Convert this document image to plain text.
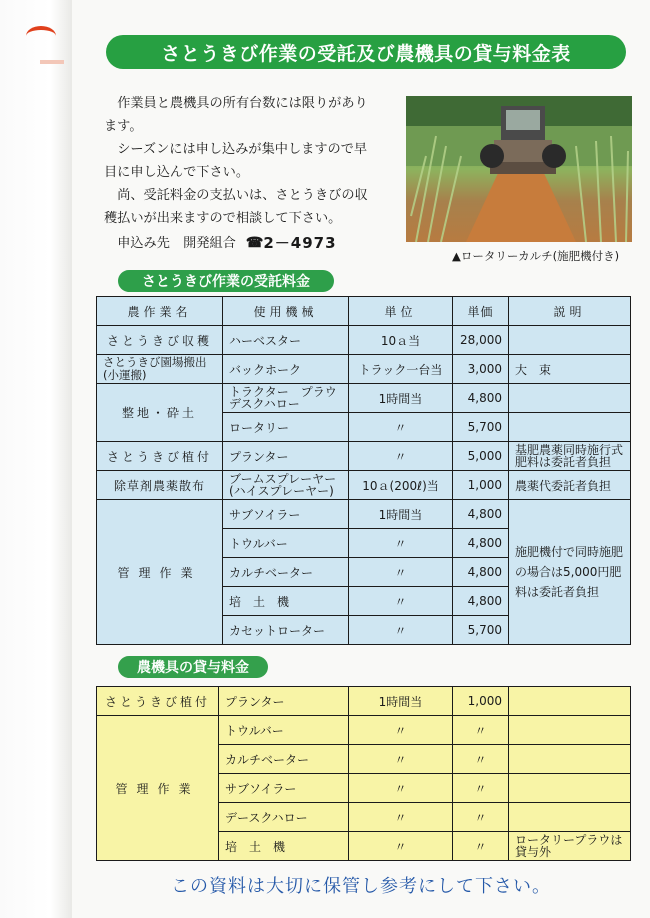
さとうきび作業の受託及び農機具の貸与料金表

作業員と農機具の所有台数には限りがあります。

シーズンには申し込みが集中しますので早目に申し込んで下さい。

尚、受託料金の支払いは、さとうきびの収穫払いが出来ますので相談して下さい。

申込み先　開発組合 ☎ 2－4973
▲ロータリーカルチ(施肥機付き)
さとうきび作業の受託料金
農作業名	使用機械	単位	単価	説明
さとうきび収穫	ハーベスター	10ａ当	28,000	
さとうきび園場搬出(小運搬)	バックホーク	トラック一台当	3,000	大　束
整地・砕土	トラクター　プラウ デスクハロー	1時間当	4,800	
	ロータリー	〃	5,700	
さとうきび植付	プランター	〃	5,000	基肥農薬同時施行式肥料は委託者負担
除草剤農薬散布	ブームスプレーヤー(ハイスプレーヤー)	10ａ(200ℓ)当	1,000	農薬代委託者負担
管理作業	サブソイラー	1時間当	4,800	施肥機付で同時施肥の場合は5,000円肥料は委託者負担
	トウルバー	〃	4,800	
	カルチベーター	〃	4,800	
	培　土　機	〃	4,800	
	カセットローター	〃	5,700	
農機具の貸与料金
さとうきび植付	プランター	1時間当	1,000	
管理作業	トウルバー	〃	〃	
	カルチベーター	〃	〃	
	サブソイラー	〃	〃	
	デースクハロー	〃	〃	
	培　土　機	〃	〃	ロータリープラウは貸与外
この資料は大切に保管し参考にして下さい。
